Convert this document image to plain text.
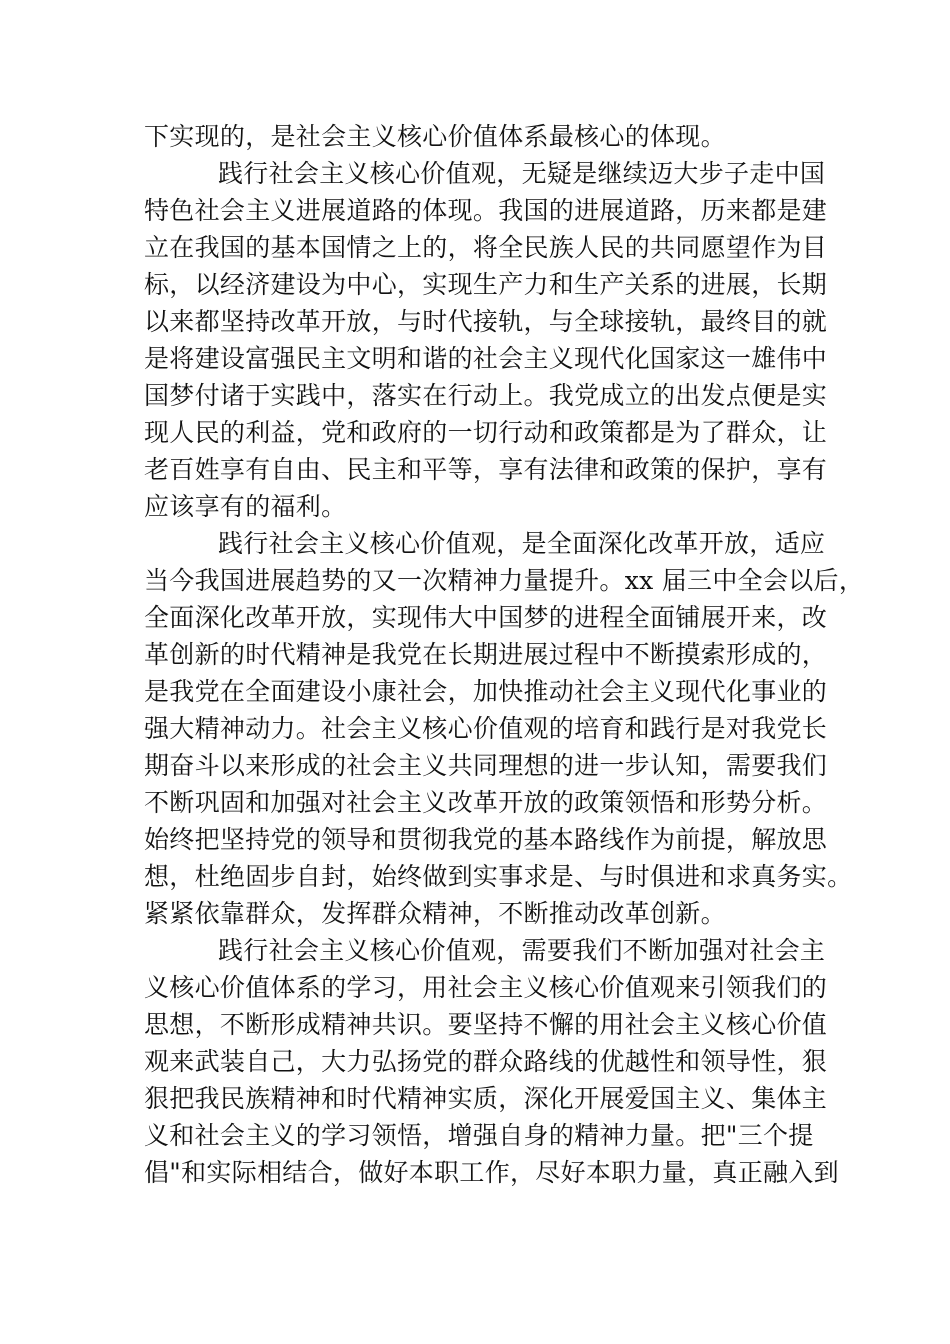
下实现的，是社会主义核心价值体系最核心的体现。
践行社会主义核心价值观，无疑是继续迈大步子走中国
特色社会主义进展道路的体现。我国的进展道路，历来都是建
立在我国的基本国情之上的，将全民族人民的共同愿望作为目
标，以经济建设为中心，实现生产力和生产关系的进展，长期
以来都坚持改革开放，与时代接轨，与全球接轨，最终目的就
是将建设富强民主文明和谐的社会主义现代化国家这一雄伟中
国梦付诸于实践中，落实在行动上。我党成立的出发点便是实
现人民的利益，党和政府的一切行动和政策都是为了群众，让
老百姓享有自由、民主和平等，享有法律和政策的保护，享有
应该享有的福利。
践行社会主义核心价值观，是全面深化改革开放，适应
当今我国进展趋势的又一次精神力量提升。xx 届三中全会以后，
全面深化改革开放，实现伟大中国梦的进程全面铺展开来，改
革创新的时代精神是我党在长期进展过程中不断摸索形成的，
是我党在全面建设小康社会，加快推动社会主义现代化事业的
强大精神动力。社会主义核心价值观的培育和践行是对我党长
期奋斗以来形成的社会主义共同理想的进一步认知，需要我们
不断巩固和加强对社会主义改革开放的政策领悟和形势分析。
始终把坚持党的领导和贯彻我党的基本路线作为前提，解放思
想，杜绝固步自封，始终做到实事求是、与时俱进和求真务实。
紧紧依靠群众，发挥群众精神，不断推动改革创新。
践行社会主义核心价值观，需要我们不断加强对社会主
义核心价值体系的学习，用社会主义核心价值观来引领我们的
思想，不断形成精神共识。要坚持不懈的用社会主义核心价值
观来武装自己，大力弘扬党的群众路线的优越性和领导性，狠
狠把我民族精神和时代精神实质，深化开展爱国主义、集体主
义和社会主义的学习领悟，增强自身的精神力量。把"三个提
倡"和实际相结合，做好本职工作，尽好本职力量，真正融入到
